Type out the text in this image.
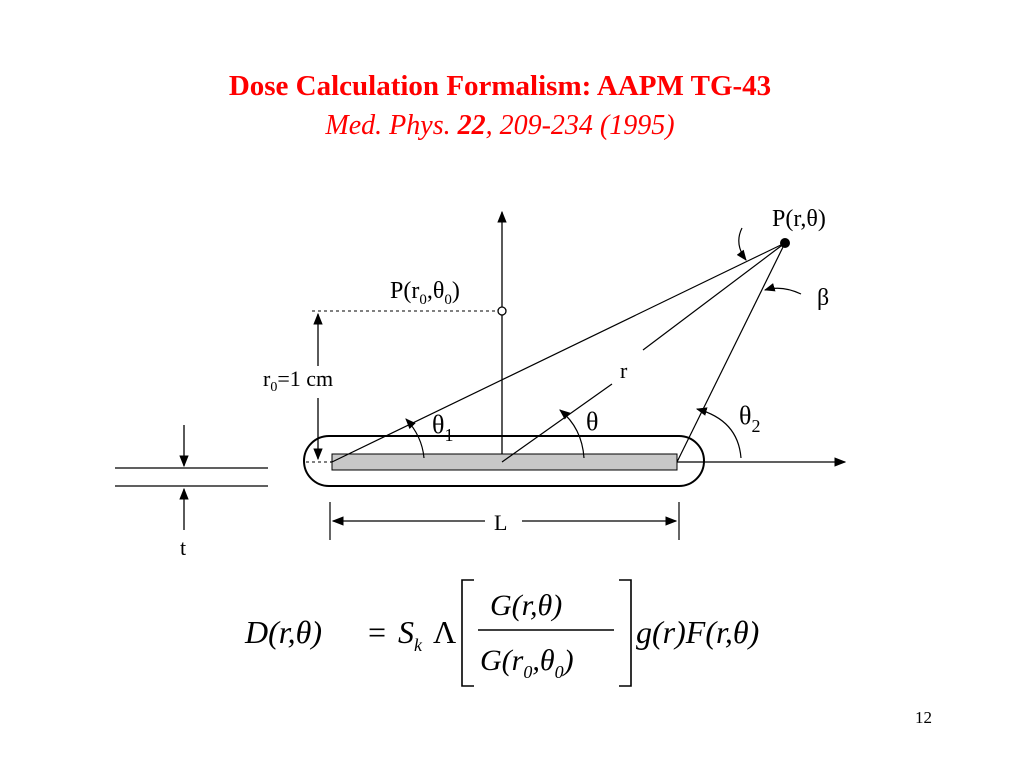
Dose Calculation Formalism: AAPM TG-43
Med. Phys. 22, 209-234 (1995)
P(r,θ)
$P(r_0,\theta_0)$	β
r
θ
$\theta_1$
$\theta_2$
$r_0=1$ cm
L
t
$D(r,\theta) = S_k$ Λ
G(r,θ)
$G(r_0,\theta_0)$
g(r)F(r,θ)
12
